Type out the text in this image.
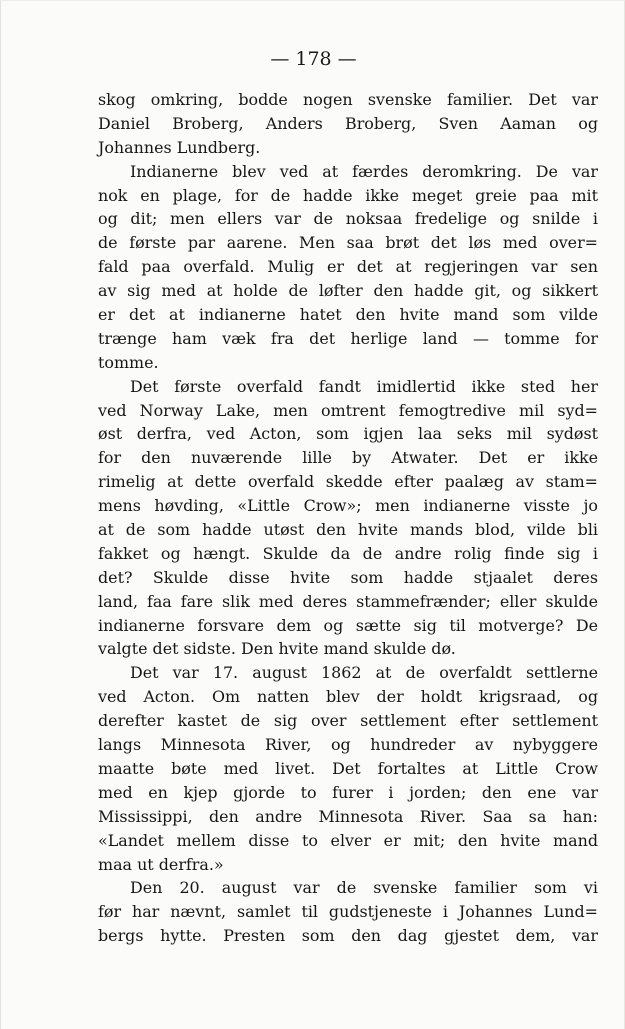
— 178 —
skog omkring, bodde nogen svenske familier. Det var
Daniel Broberg, Anders Broberg, Sven Aaman og
Johannes Lundberg.
Indianerne blev ved at færdes deromkring. De var
nok en plage, for de hadde ikke meget greie paa mit
og dit; men ellers var de noksaa fredelige og snilde i
de første par aarene. Men saa brøt det løs med over=
fald paa overfald. Mulig er det at regjeringen var sen
av sig med at holde de løfter den hadde git, og sikkert
er det at indianerne hatet den hvite mand som vilde
trænge ham væk fra det herlige land — tomme for
tomme.
Det første overfald fandt imidlertid ikke sted her
ved Norway Lake, men omtrent femogtredive mil syd=
øst derfra, ved Acton, som igjen laa seks mil sydøst
for den nuværende lille by Atwater. Det er ikke
rimelig at dette overfald skedde efter paalæg av stam=
mens høvding, «Little Crow»; men indianerne visste jo
at de som hadde utøst den hvite mands blod, vilde bli
fakket og hængt. Skulde da de andre rolig finde sig i
det? Skulde disse hvite som hadde stjaalet deres
land, faa fare slik med deres stammefrænder; eller skulde
indianerne forsvare dem og sætte sig til motverge? De
valgte det sidste. Den hvite mand skulde dø.
Det var 17. august 1862 at de overfaldt settlerne
ved Acton. Om natten blev der holdt krigsraad, og
derefter kastet de sig over settlement efter settlement
langs Minnesota River, og hundreder av nybyggere
maatte bøte med livet. Det fortaltes at Little Crow
med en kjep gjorde to furer i jorden; den ene var
Mississippi, den andre Minnesota River. Saa sa han:
«Landet mellem disse to elver er mit; den hvite mand
maa ut derfra.»
Den 20. august var de svenske familier som vi
før har nævnt, samlet til gudstjeneste i Johannes Lund=
bergs hytte. Presten som den dag gjestet dem, var
